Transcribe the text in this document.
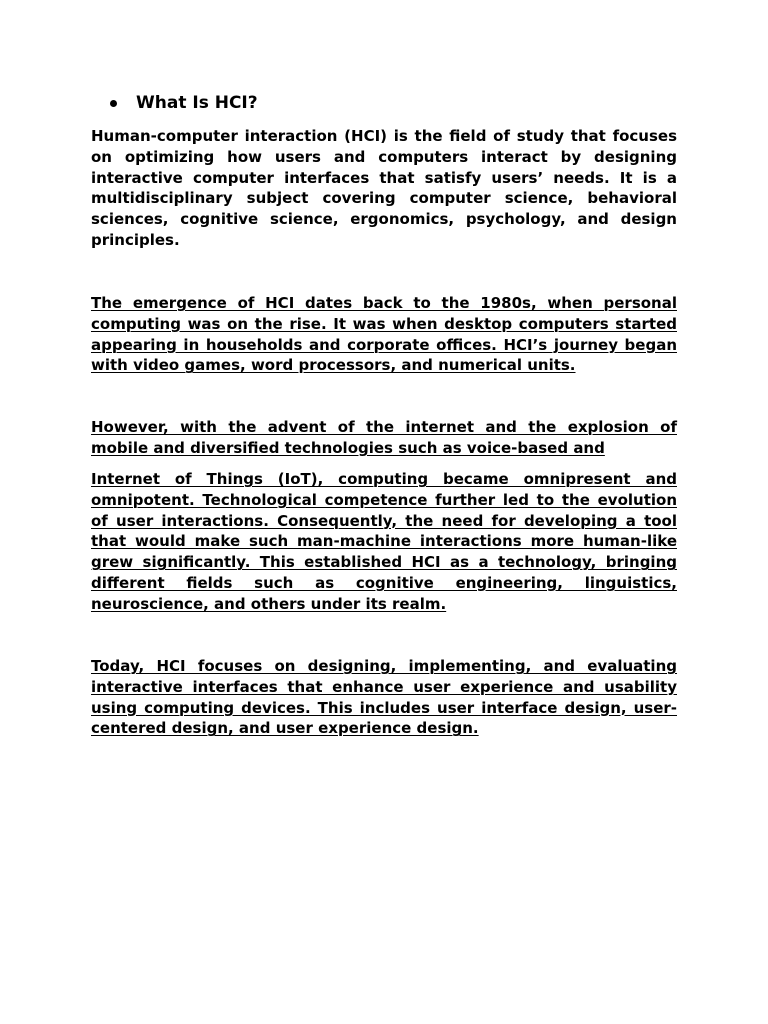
What Is HCI?

Human-computer interaction (HCI) is the field of study that focuses on optimizing how users and computers interact by designing interactive computer interfaces that satisfy users’ needs. It is a multidisciplinary subject covering computer science, behavioral sciences, cognitive science, ergonomics, psychology, and design principles.

The emergence of HCI dates back to the 1980s, when personal computing was on the rise. It was when desktop computers started appearing in households and corporate offices. HCI’s journey began with video games, word processors, and numerical units.

However, with the advent of the internet and the explosion of mobile and diversified technologies such as voice-based and

Internet of Things (IoT), computing became omnipresent and omnipotent. Technological competence further led to the evolution of user interactions. Consequently, the need for developing a tool that would make such man-machine interactions more human-like grew significantly. This established HCI as a technology, bringing different fields such as cognitive engineering, linguistics, neuroscience, and others under its realm.

Today, HCI focuses on designing, implementing, and evaluating interactive interfaces that enhance user experience and usability using computing devices. This includes user interface design, user-centered design, and user experience design.
